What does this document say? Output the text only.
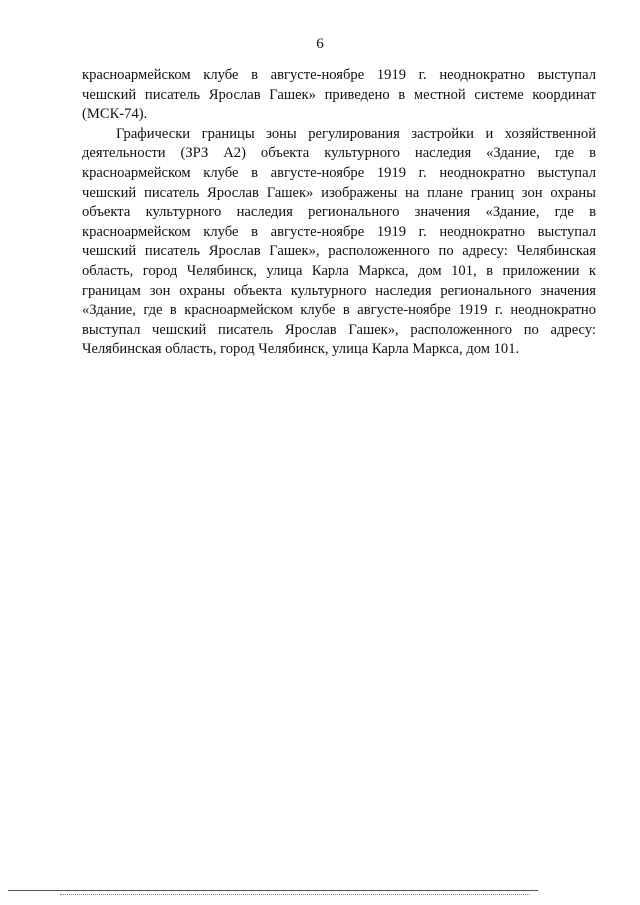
6
красноармейском клубе в августе-ноябре 1919 г. неоднократно выступал
чешский писатель Ярослав Гашек» приведено в местной системе координат
(МСК-74).
Графически границы зоны регулирования застройки и хозяйственной
деятельности (ЗРЗ А2) объекта культурного наследия «Здание, где в
красноармейском клубе в августе-ноябре 1919 г. неоднократно выступал
чешский писатель Ярослав Гашек» изображены на плане границ зон охраны
объекта культурного наследия регионального значения «Здание, где в
красноармейском клубе в августе-ноябре 1919 г. неоднократно выступал
чешский писатель Ярослав Гашек», расположенного по адресу: Челябинская
область, город Челябинск, улица Карла Маркса, дом 101, в приложении к
границам зон охраны объекта культурного наследия регионального значения
«Здание, где в красноармейском клубе в августе-ноябре 1919 г. неоднократно
выступал чешский писатель Ярослав Гашек», расположенного по адресу:
Челябинская область, город Челябинск, улица Карла Маркса, дом 101.
